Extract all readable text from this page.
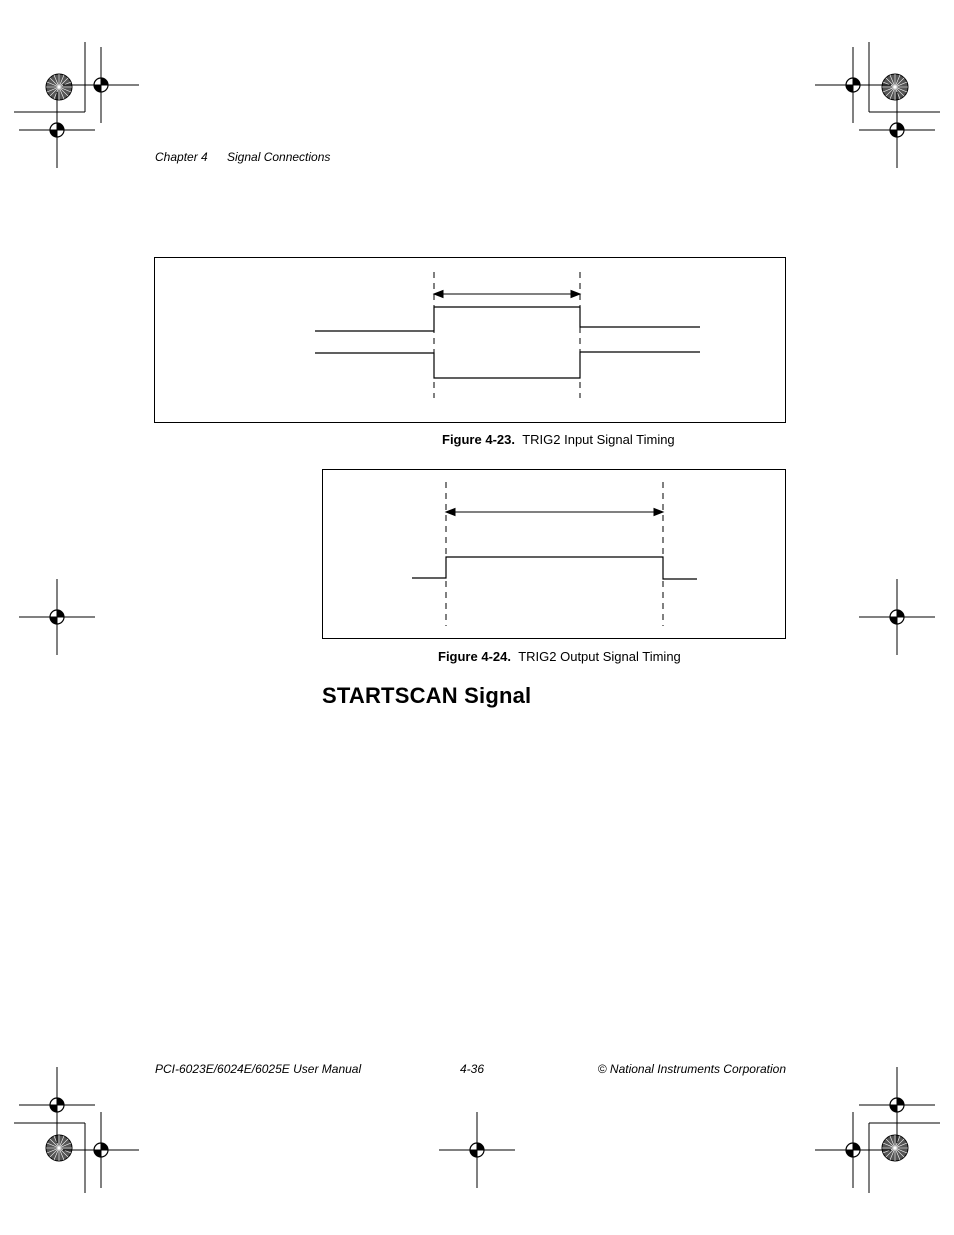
Chapter 4 Signal Connections
Figure 4-23. TRIG2 Input Signal Timing
Figure 4-24. TRIG2 Output Signal Timing
STARTSCAN Signal
PCI-6023E/6024E/6025E User Manual	4-36	© National Instruments Corporation
